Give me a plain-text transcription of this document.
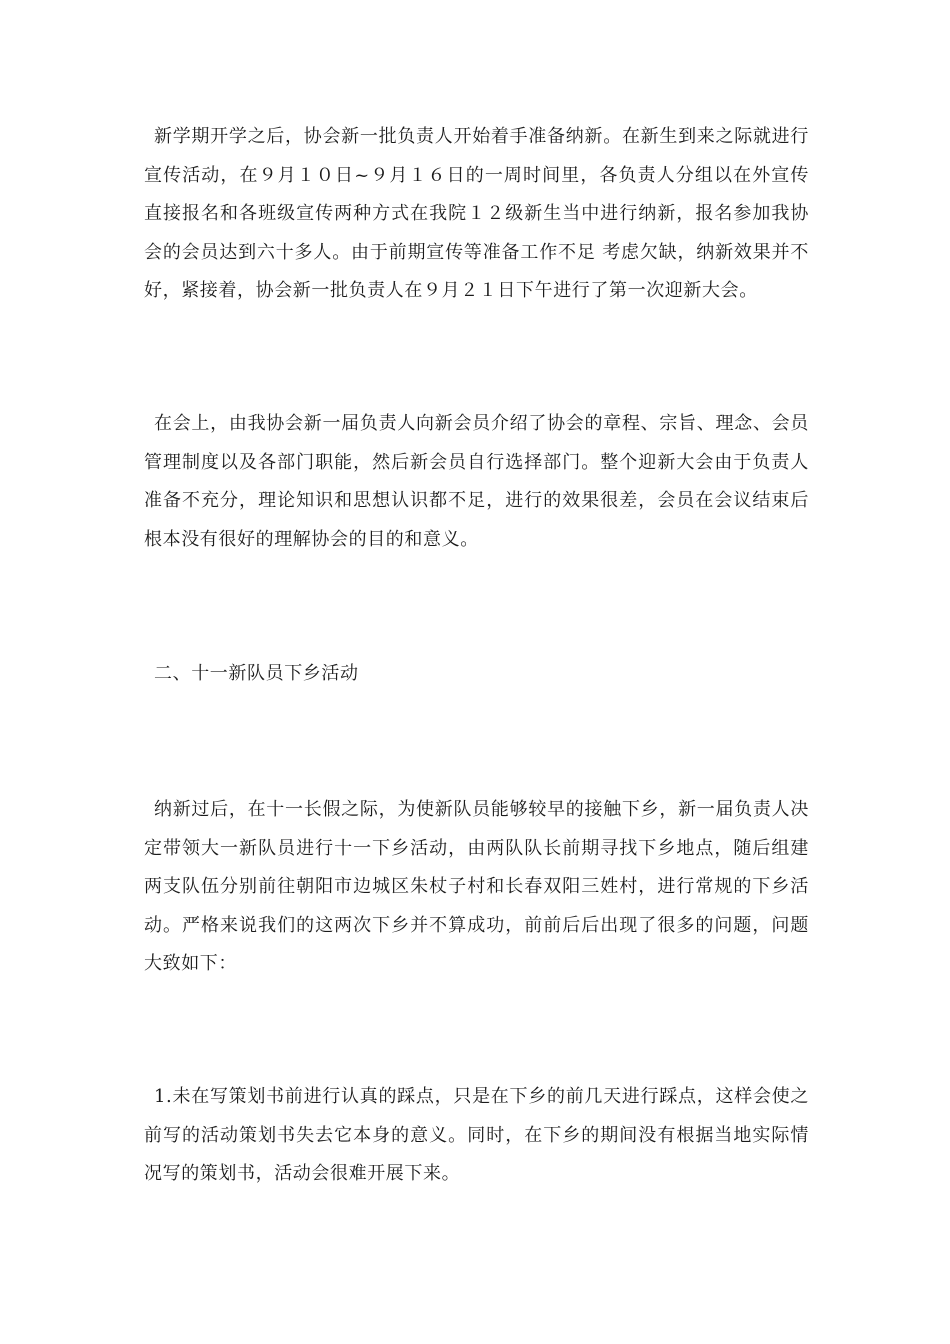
新学期开学之后，协会新一批负责人开始着手准备纳新。在新生到来之际就进行宣传活动，在９月１０日~９月１６日的一周时间里，各负责人分组以在外宣传直接报名和各班级宣传两种方式在我院１２级新生当中进行纳新，报名参加我协会的会员达到六十多人。由于前期宣传等准备工作不足 考虑欠缺，纳新效果并不好，紧接着，协会新一批负责人在９月２１日下午进行了第一次迎新大会。

在会上，由我协会新一届负责人向新会员介绍了协会的章程、宗旨、理念、会员管理制度以及各部门职能，然后新会员自行选择部门。整个迎新大会由于负责人准备不充分，理论知识和思想认识都不足，进行的效果很差，会员在会议结束后根本没有很好的理解协会的目的和意义。

二、十一新队员下乡活动

纳新过后，在十一长假之际，为使新队员能够较早的接触下乡，新一届负责人决定带领大一新队员进行十一下乡活动，由两队队长前期寻找下乡地点，随后组建两支队伍分别前往朝阳市边城区朱杖子村和长春双阳三姓村，进行常规的下乡活动。严格来说我们的这两次下乡并不算成功，前前后后出现了很多的问题，问题大致如下：

1.未在写策划书前进行认真的踩点，只是在下乡的前几天进行踩点，这样会使之前写的活动策划书失去它本身的意义。同时，在下乡的期间没有根据当地实际情况写的策划书，活动会很难开展下来。
